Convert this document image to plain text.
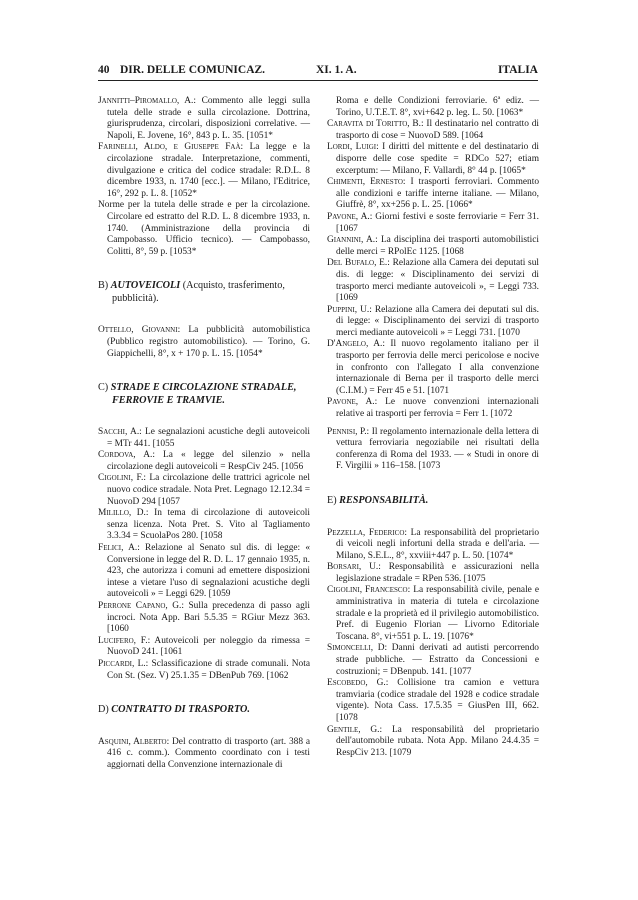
40 DIR. DELLE COMUNICAZ.	XI. 1. A.	ITALIA

Jannitti–Piromallo, A.: Commento alle leggi sulla tutela delle strade e sulla circolazione. Dottrina, giurisprudenza, circolari, disposizioni correlative. — Napoli, E. Jovene, 16°, 843 p. L. 35. [1051*

Farinelli, Aldo, e Giuseppe Faà: La legge e la circolazione stradale. Interpretazione, commenti, divulgazione e critica del codice stradale: R.D.L. 8 dicembre 1933, n. 1740 [ecc.]. — Milano, l'Editrice, 16°, 292 p. L. 8. [1052*

Norme per la tutela delle strade e per la circolazione. Circolare ed estratto del R.D. L. 8 dicembre 1933, n. 1740. (Amministrazione della provincia di Campobasso. Ufficio tecnico). — Campobasso, Colitti, 8°, 59 p. [1053*

B) AUTOVEICOLI (Acquisto, trasferimento, pubblicità).

Ottello, Giovanni: La pubblicità automobilistica (Pubblico registro automobilistico). — Torino, G. Giappichelli, 8°, x + 170 p. L. 15. [1054*

C) STRADE E CIRCOLAZIONE STRADALE, FERROVIE E TRAMVIE.

Sacchi, A.: Le segnalazioni acustiche degli autoveicoli = MTr 441. [1055

Cordova, A.: La « legge del silenzio » nella circolazione degli autoveicoli = RespCiv 245. [1056

Cigolini, F.: La circolazione delle trattrici agricole nel nuovo codice stradale. Nota Pret. Legnago 12.12.34 = NuovoD 294 [1057

Milillo, D.: In tema di circolazione di autoveicoli senza licenza. Nota Pret. S. Vito al Tagliamento 3.3.34 = ScuolaPos 280. [1058

Felici, A.: Relazione al Senato sul dis. di legge: « Conversione in legge del R. D. L. 17 gennaio 1935, n. 423, che autorizza i comuni ad emettere disposizioni intese a vietare l'uso di segnalazioni acustiche degli autoveicoli » = Leggi 629. [1059

Perrone Capano, G.: Sulla precedenza di passo agli incroci. Nota App. Bari 5.5.35 = RGiur Mezz 363. [1060

Lucifero, F.: Autoveicoli per noleggio da rimessa = NuovoD 241. [1061

Piccardi, L.: Sclassificazione di strade comunali. Nota Con St. (Sez. V) 25.1.35 = DBenPub 769. [1062

D) CONTRATTO DI TRASPORTO.

Asquini, Alberto: Del contratto di trasporto (art. 388 a 416 c. comm.). Commento coordinato con i testi aggiornati della Convenzione internazionale di

Roma e delle Condizioni ferroviarie. 6ª ediz. — Torino, U.T.E.T. 8°, xvi+642 p. leg. L. 50. [1063*

Caravita di Toritto, B.: Il destinatario nel contratto di trasporto di cose = NuovoD 589. [1064

Lordi, Luigi: I diritti del mittente e del destinatario di disporre delle cose spedite = RDCo 527; etiam excerptum: — Milano, F. Vallardi, 8° 44 p. [1065*

Chimenti, Ernesto: I trasporti ferroviari. Commento alle condizioni e tariffe interne italiane. — Milano, Giuffrè, 8°, xx+256 p. L. 25. [1066*

Pavone, A.: Giorni festivi e soste ferroviarie = Ferr 31. [1067

Giannini, A.: La disciplina dei trasporti automobilistici delle merci = RPolEc 1125. [1068

Del Bufalo, E.: Relazione alla Camera dei deputati sul dis. di legge: « Disciplinamento dei servizi di trasporto merci mediante autoveicoli », = Leggi 733. [1069

Puppini, U.: Relazione alla Camera dei deputati sul dis. di legge: « Disciplinamento dei servizi di trasporto merci mediante autoveicoli » = Leggi 731. [1070

D'Angelo, A.: Il nuovo regolamento italiano per il trasporto per ferrovia delle merci pericolose e nocive in confronto con l'allegato I alla convenzione internazionale di Berna per il trasporto delle merci (C.I.M.) = Ferr 45 e 51. [1071

Pavone, A.: Le nuove convenzioni internazionali relative ai trasporti per ferrovia = Ferr 1. [1072

Pennisi, P.: Il regolamento internazionale della lettera di vettura ferroviaria negoziabile nei risultati della conferenza di Roma del 1933. — « Studi in onore di F. Virgilii » 116–158. [1073

E) RESPONSABILITÀ.

Pezzella, Federico: La responsabilità del proprietario di veicoli negli infortuni della strada e dell'aria. — Milano, S.E.L., 8°, xxviii+447 p. L. 50. [1074*

Borsari, U.: Responsabilità e assicurazioni nella legislazione stradale = RPen 536. [1075

Cigolini, Francesco: La responsabilità civile, penale e amministrativa in materia di tutela e circolazione stradale e la proprietà ed il privilegio automobilistico. Pref. di Eugenio Florian — Livorno Editoriale Toscana. 8°, vi+551 p. L. 19. [1076*

Simoncelli, D: Danni derivati ad autisti percorrendo strade pubbliche. — Estratto da Concessioni e costruzioni; = DBenpub. 141. [1077

Escobedo, G.: Collisione tra camion e vettura tramviaria (codice stradale del 1928 e codice stradale vigente). Nota Cass. 17.5.35 = GiusPen III, 662. [1078

Gentile, G.: La responsabilità del proprietario dell'automobile rubata. Nota App. Milano 24.4.35 = RespCiv 213. [1079
